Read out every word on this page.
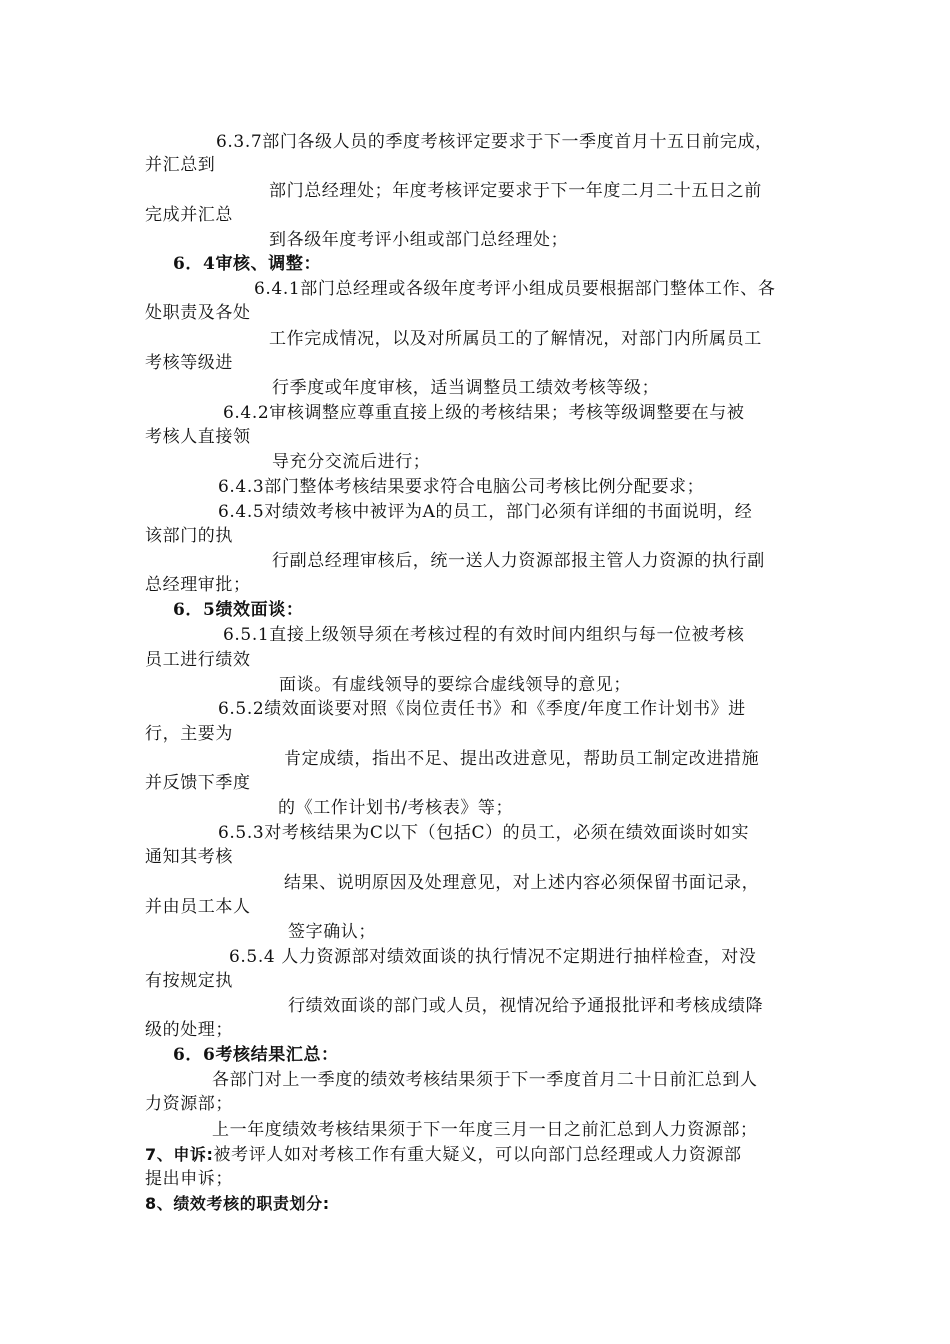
6.3.7部门各级人员的季度考核评定要求于下一季度首月十五日前完成，
并汇总到
部门总经理处；年度考核评定要求于下一年度二月二十五日之前
完成并汇总
到各级年度考评小组或部门总经理处；
6．4审核、调整：
6.4.1部门总经理或各级年度考评小组成员要根据部门整体工作、各
处职责及各处
工作完成情况，以及对所属员工的了解情况，对部门内所属员工
考核等级进
行季度或年度审核，适当调整员工绩效考核等级；
6.4.2审核调整应尊重直接上级的考核结果；考核等级调整要在与被
考核人直接领
导充分交流后进行；
6.4.3部门整体考核结果要求符合电脑公司考核比例分配要求；
6.4.5对绩效考核中被评为A的员工，部门必须有详细的书面说明，经
该部门的执
行副总经理审核后，统一送人力资源部报主管人力资源的执行副
总经理审批；
6．5绩效面谈：
6.5.1直接上级领导须在考核过程的有效时间内组织与每一位被考核
员工进行绩效
面谈。有虚线领导的要综合虚线领导的意见；
6.5.2绩效面谈要对照《岗位责任书》和《季度/年度工作计划书》进
行，主要为
肯定成绩，指出不足、提出改进意见，帮助员工制定改进措施
并反馈下季度
的《工作计划书/考核表》等；
6.5.3对考核结果为C以下（包括C）的员工，必须在绩效面谈时如实
通知其考核
结果、说明原因及处理意见，对上述内容必须保留书面记录，
并由员工本人
签字确认；
6.5.4 人力资源部对绩效面谈的执行情况不定期进行抽样检查，对没
有按规定执
行绩效面谈的部门或人员，视情况给予通报批评和考核成绩降
级的处理；
6．6考核结果汇总：
各部门对上一季度的绩效考核结果须于下一季度首月二十日前汇总到人
力资源部；
上一年度绩效考核结果须于下一年度三月一日之前汇总到人力资源部；
7、申诉:被考评人如对考核工作有重大疑义，可以向部门总经理或人力资源部
提出申诉；
8、绩效考核的职责划分:
